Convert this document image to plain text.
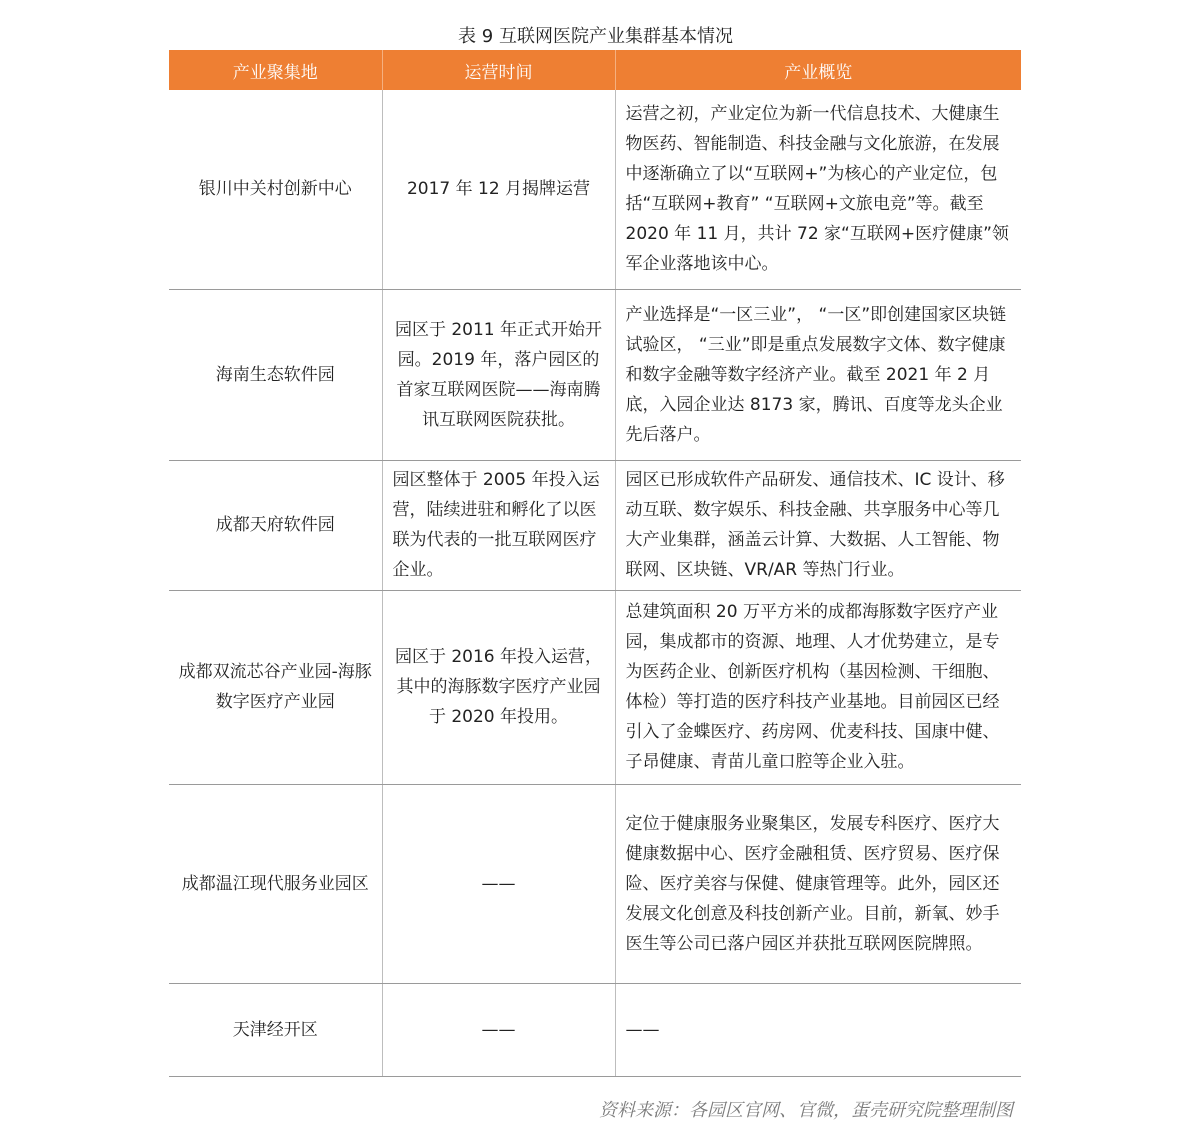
表 9 互联网医院产业集群基本情况
产业聚集地	运营时间	产业概览
银川中关村创新中心	2017 年 12 月揭牌运营	运营之初，产业定位为新一代信息技术、大健康生物医药、智能制造、科技金融与文化旅游，在发展中逐渐确立了以“互联网+”为核心的产业定位，包括“互联网+教育” “互联网+文旅电竞”等。截至 2020 年 11 月，共计 72 家“互联网+医疗健康”领军企业落地该中心。
海南生态软件园	园区于 2011 年正式开始开园。2019 年，落户园区的首家互联网医院——海南腾讯互联网医院获批。	产业选择是“一区三业”， “一区”即创建国家区块链试验区， “三业”即是重点发展数字文体、数字健康和数字金融等数字经济产业。截至 2021 年 2 月底，入园企业达 8173 家，腾讯、百度等龙头企业先后落户。
成都天府软件园	园区整体于 2005 年投入运营，陆续进驻和孵化了以医联为代表的一批互联网医疗企业。	园区已形成软件产品研发、通信技术、IC 设计、移动互联、数字娱乐、科技金融、共享服务中心等几大产业集群，涵盖云计算、大数据、人工智能、物联网、区块链、VR/AR 等热门行业。
成都双流芯谷产业园-海豚数字医疗产业园	园区于 2016 年投入运营，其中的海豚数字医疗产业园于 2020 年投用。	总建筑面积 20 万平方米的成都海豚数字医疗产业园，集成都市的资源、地理、人才优势建立，是专为医药企业、创新医疗机构（基因检测、干细胞、体检）等打造的医疗科技产业基地。目前园区已经引入了金蝶医疗、药房网、优麦科技、国康中健、子昂健康、青苗儿童口腔等企业入驻。
成都温江现代服务业园区	——	定位于健康服务业聚集区，发展专科医疗、医疗大健康数据中心、医疗金融租赁、医疗贸易、医疗保险、医疗美容与保健、健康管理等。此外，园区还发展文化创意及科技创新产业。目前，新氧、妙手医生等公司已落户园区并获批互联网医院牌照。
天津经开区	——	——
资料来源：各园区官网、官微，蛋壳研究院整理制图
